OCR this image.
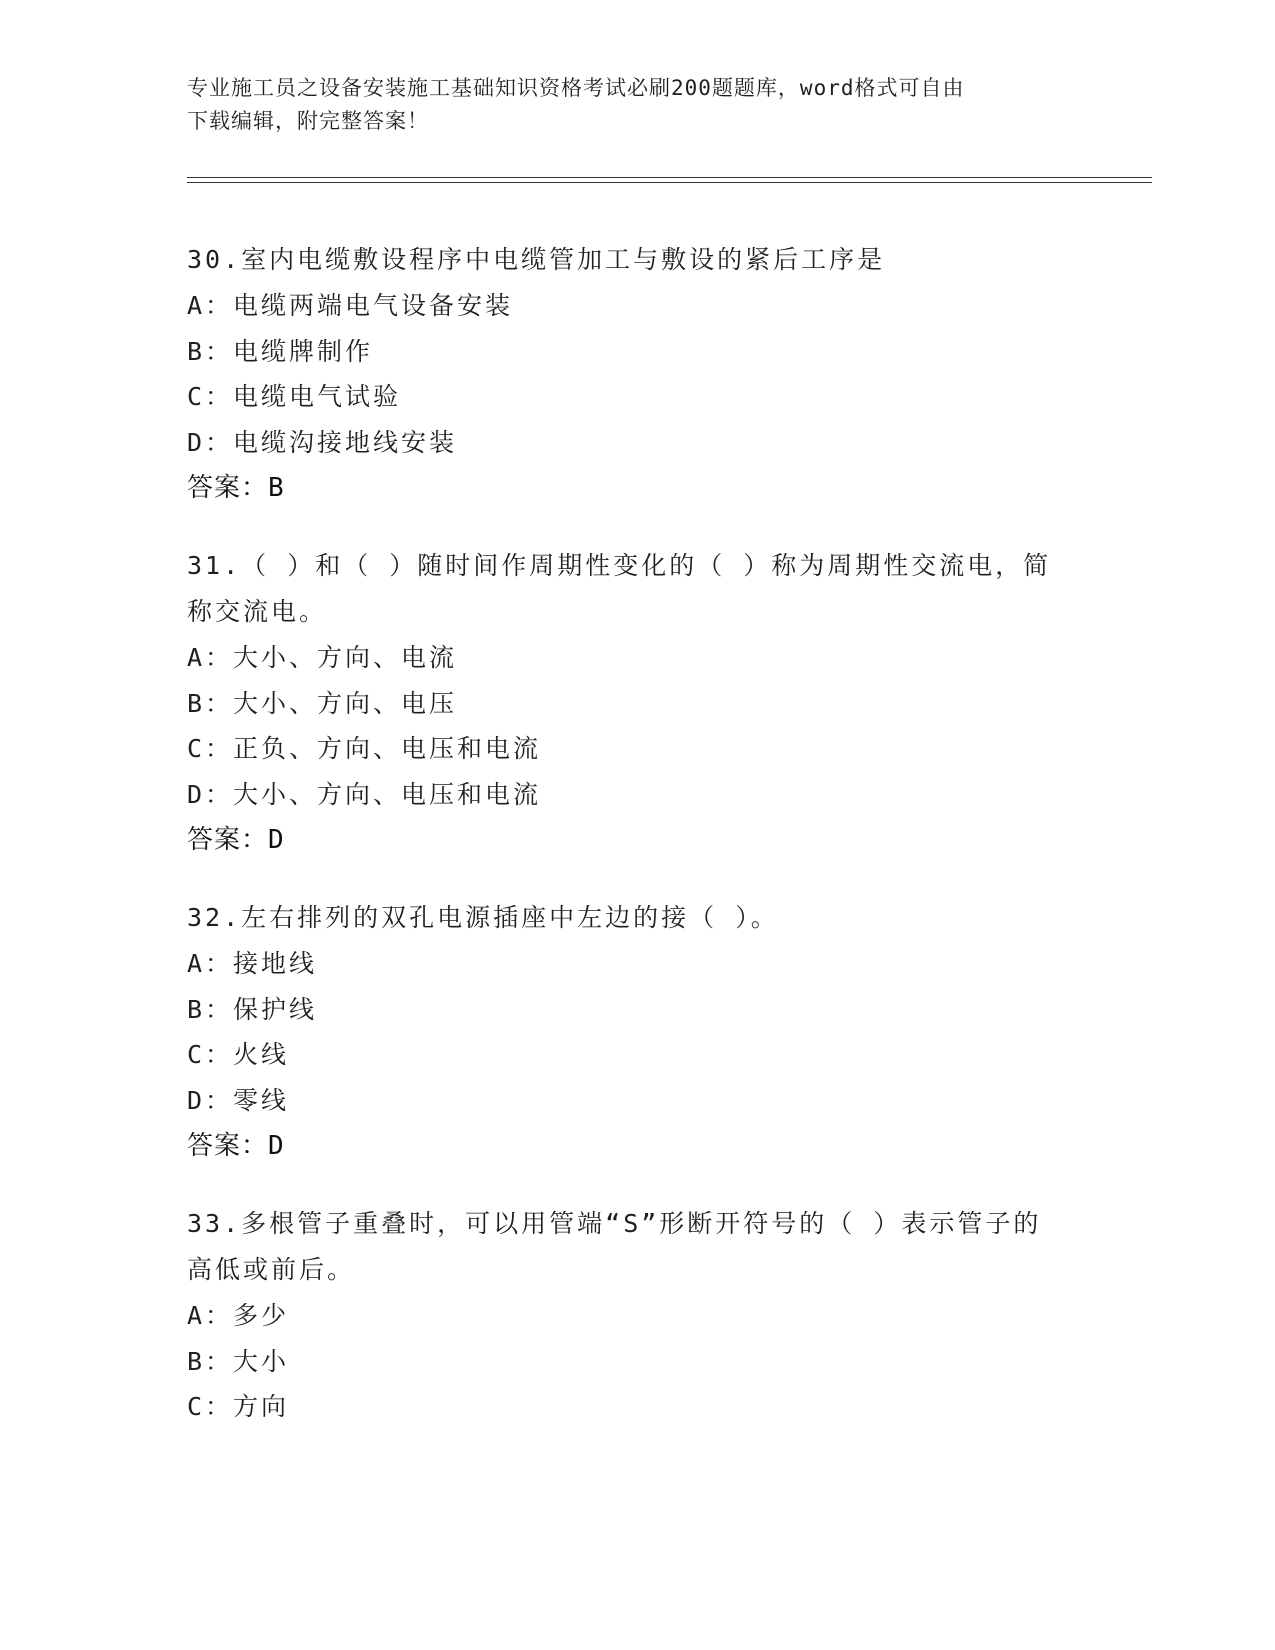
专业施工员之设备安装施工基础知识资格考试必刷200题题库，word格式可自由
下载编辑，附完整答案！

30.室内电缆敷设程序中电缆管加工与敷设的紧后工序是

A：电缆两端电气设备安装

B：电缆牌制作

C：电缆电气试验

D：电缆沟接地线安装

答案：B

31.（ ）和（ ）随时间作周期性变化的（ ）称为周期性交流电，简

称交流电。

A：大小、方向、电流

B：大小、方向、电压

C：正负、方向、电压和电流

D：大小、方向、电压和电流

答案：D

32.左右排列的双孔电源插座中左边的接（ ）。

A：接地线

B：保护线

C：火线

D：零线

答案：D

33.多根管子重叠时，可以用管端“S”形断开符号的（ ）表示管子的

高低或前后。

A：多少

B：大小

C：方向
